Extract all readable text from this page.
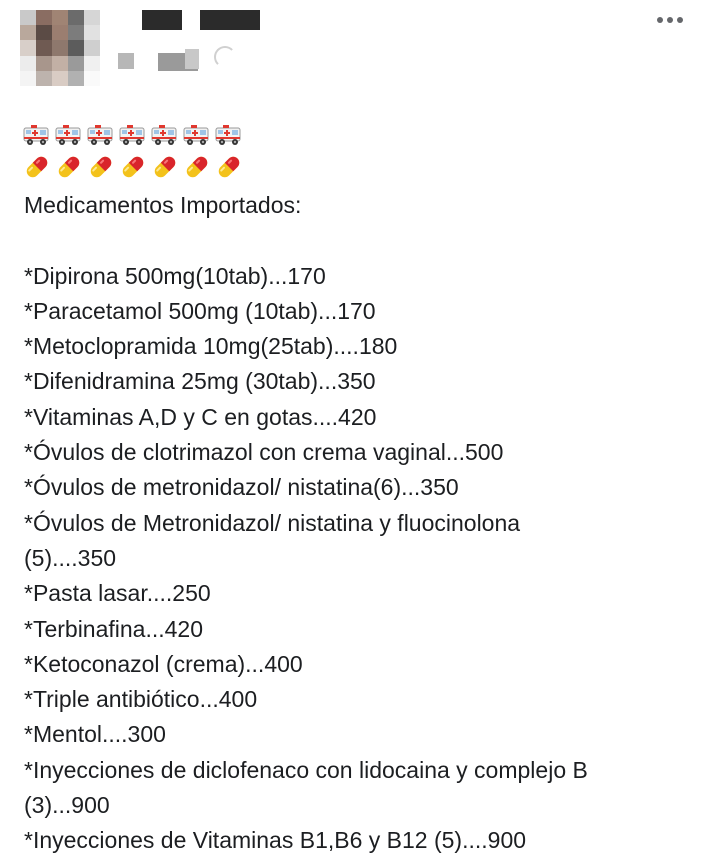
Medicamentos Importados:
*Dipirona 500mg(10tab)...170
*Paracetamol 500mg (10tab)...170
*Metoclopramida 10mg(25tab)....180
*Difenidramina 25mg (30tab)...350
*Vitaminas A,D y C en gotas....420
*Óvulos de clotrimazol con crema vaginal...500
*Óvulos de metronidazol/ nistatina(6)...350
*Óvulos de Metronidazol/ nistatina y fluocinolona
(5)....350
*Pasta lasar....250
*Terbinafina...420
*Ketoconazol (crema)...400
*Triple antibiótico...400
*Mentol....300
*Inyecciones de diclofenaco con lidocaina y complejo B
(3)...900
*Inyecciones de Vitaminas B1,B6 y B12 (5)....900
